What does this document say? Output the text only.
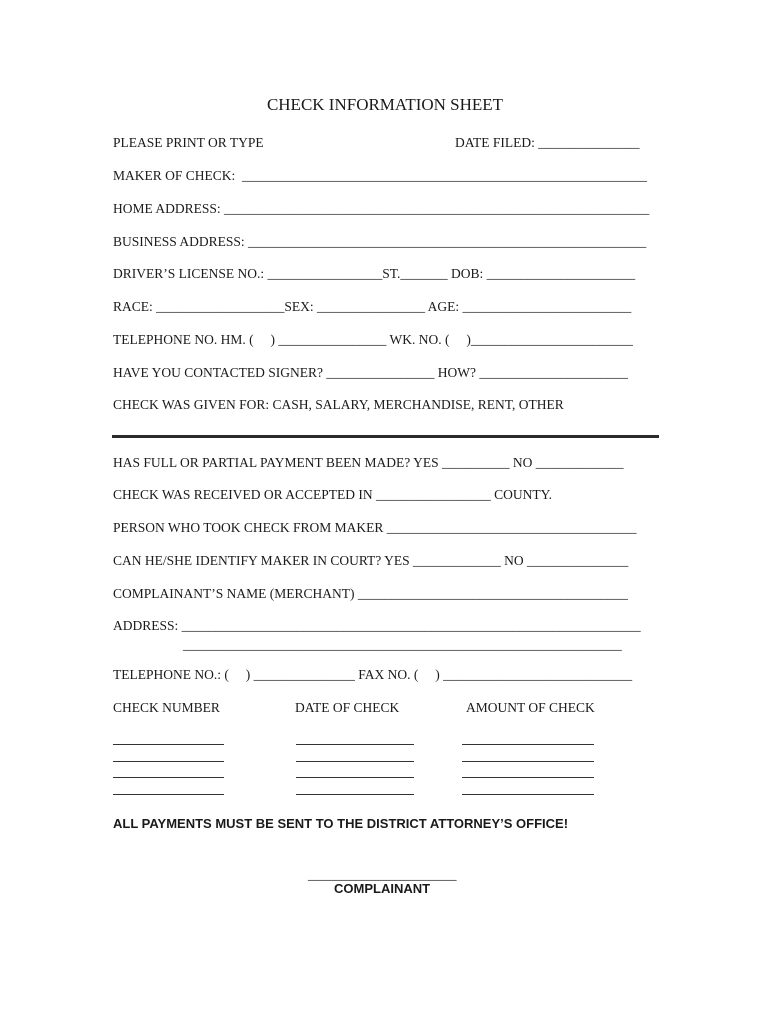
CHECK INFORMATION SHEET
PLEASE PRINT OR TYPE	DATE FILED: _______________
MAKER OF CHECK:  ____________________________________________________________
HOME ADDRESS: _______________________________________________________________
BUSINESS ADDRESS: ___________________________________________________________
DRIVER’S LICENSE NO.: _________________ST._______ DOB: ______________________
RACE: ___________________SEX: ________________ AGE: _________________________
TELEPHONE NO. HM. (     ) ________________ WK. NO. (     )________________________
HAVE YOU CONTACTED SIGNER? ________________ HOW? ______________________
CHECK WAS GIVEN FOR: CASH, SALARY, MERCHANDISE, RENT, OTHER
HAS FULL OR PARTIAL PAYMENT BEEN MADE? YES __________ NO _____________
CHECK WAS RECEIVED OR ACCEPTED IN _________________ COUNTY.
PERSON WHO TOOK CHECK FROM MAKER _____________________________________
CAN HE/SHE IDENTIFY MAKER IN COURT? YES _____________ NO _______________
COMPLAINANT’S NAME (MERCHANT) ________________________________________
ADDRESS: ____________________________________________________________________
_________________________________________________________________
TELEPHONE NO.: (     ) _______________ FAX NO. (     ) ____________________________
CHECK NUMBER	DATE OF CHECK	AMOUNT OF CHECK
ALL PAYMENTS MUST BE SENT TO THE DISTRICT ATTORNEY’S OFFICE!
______________________
COMPLAINANT
